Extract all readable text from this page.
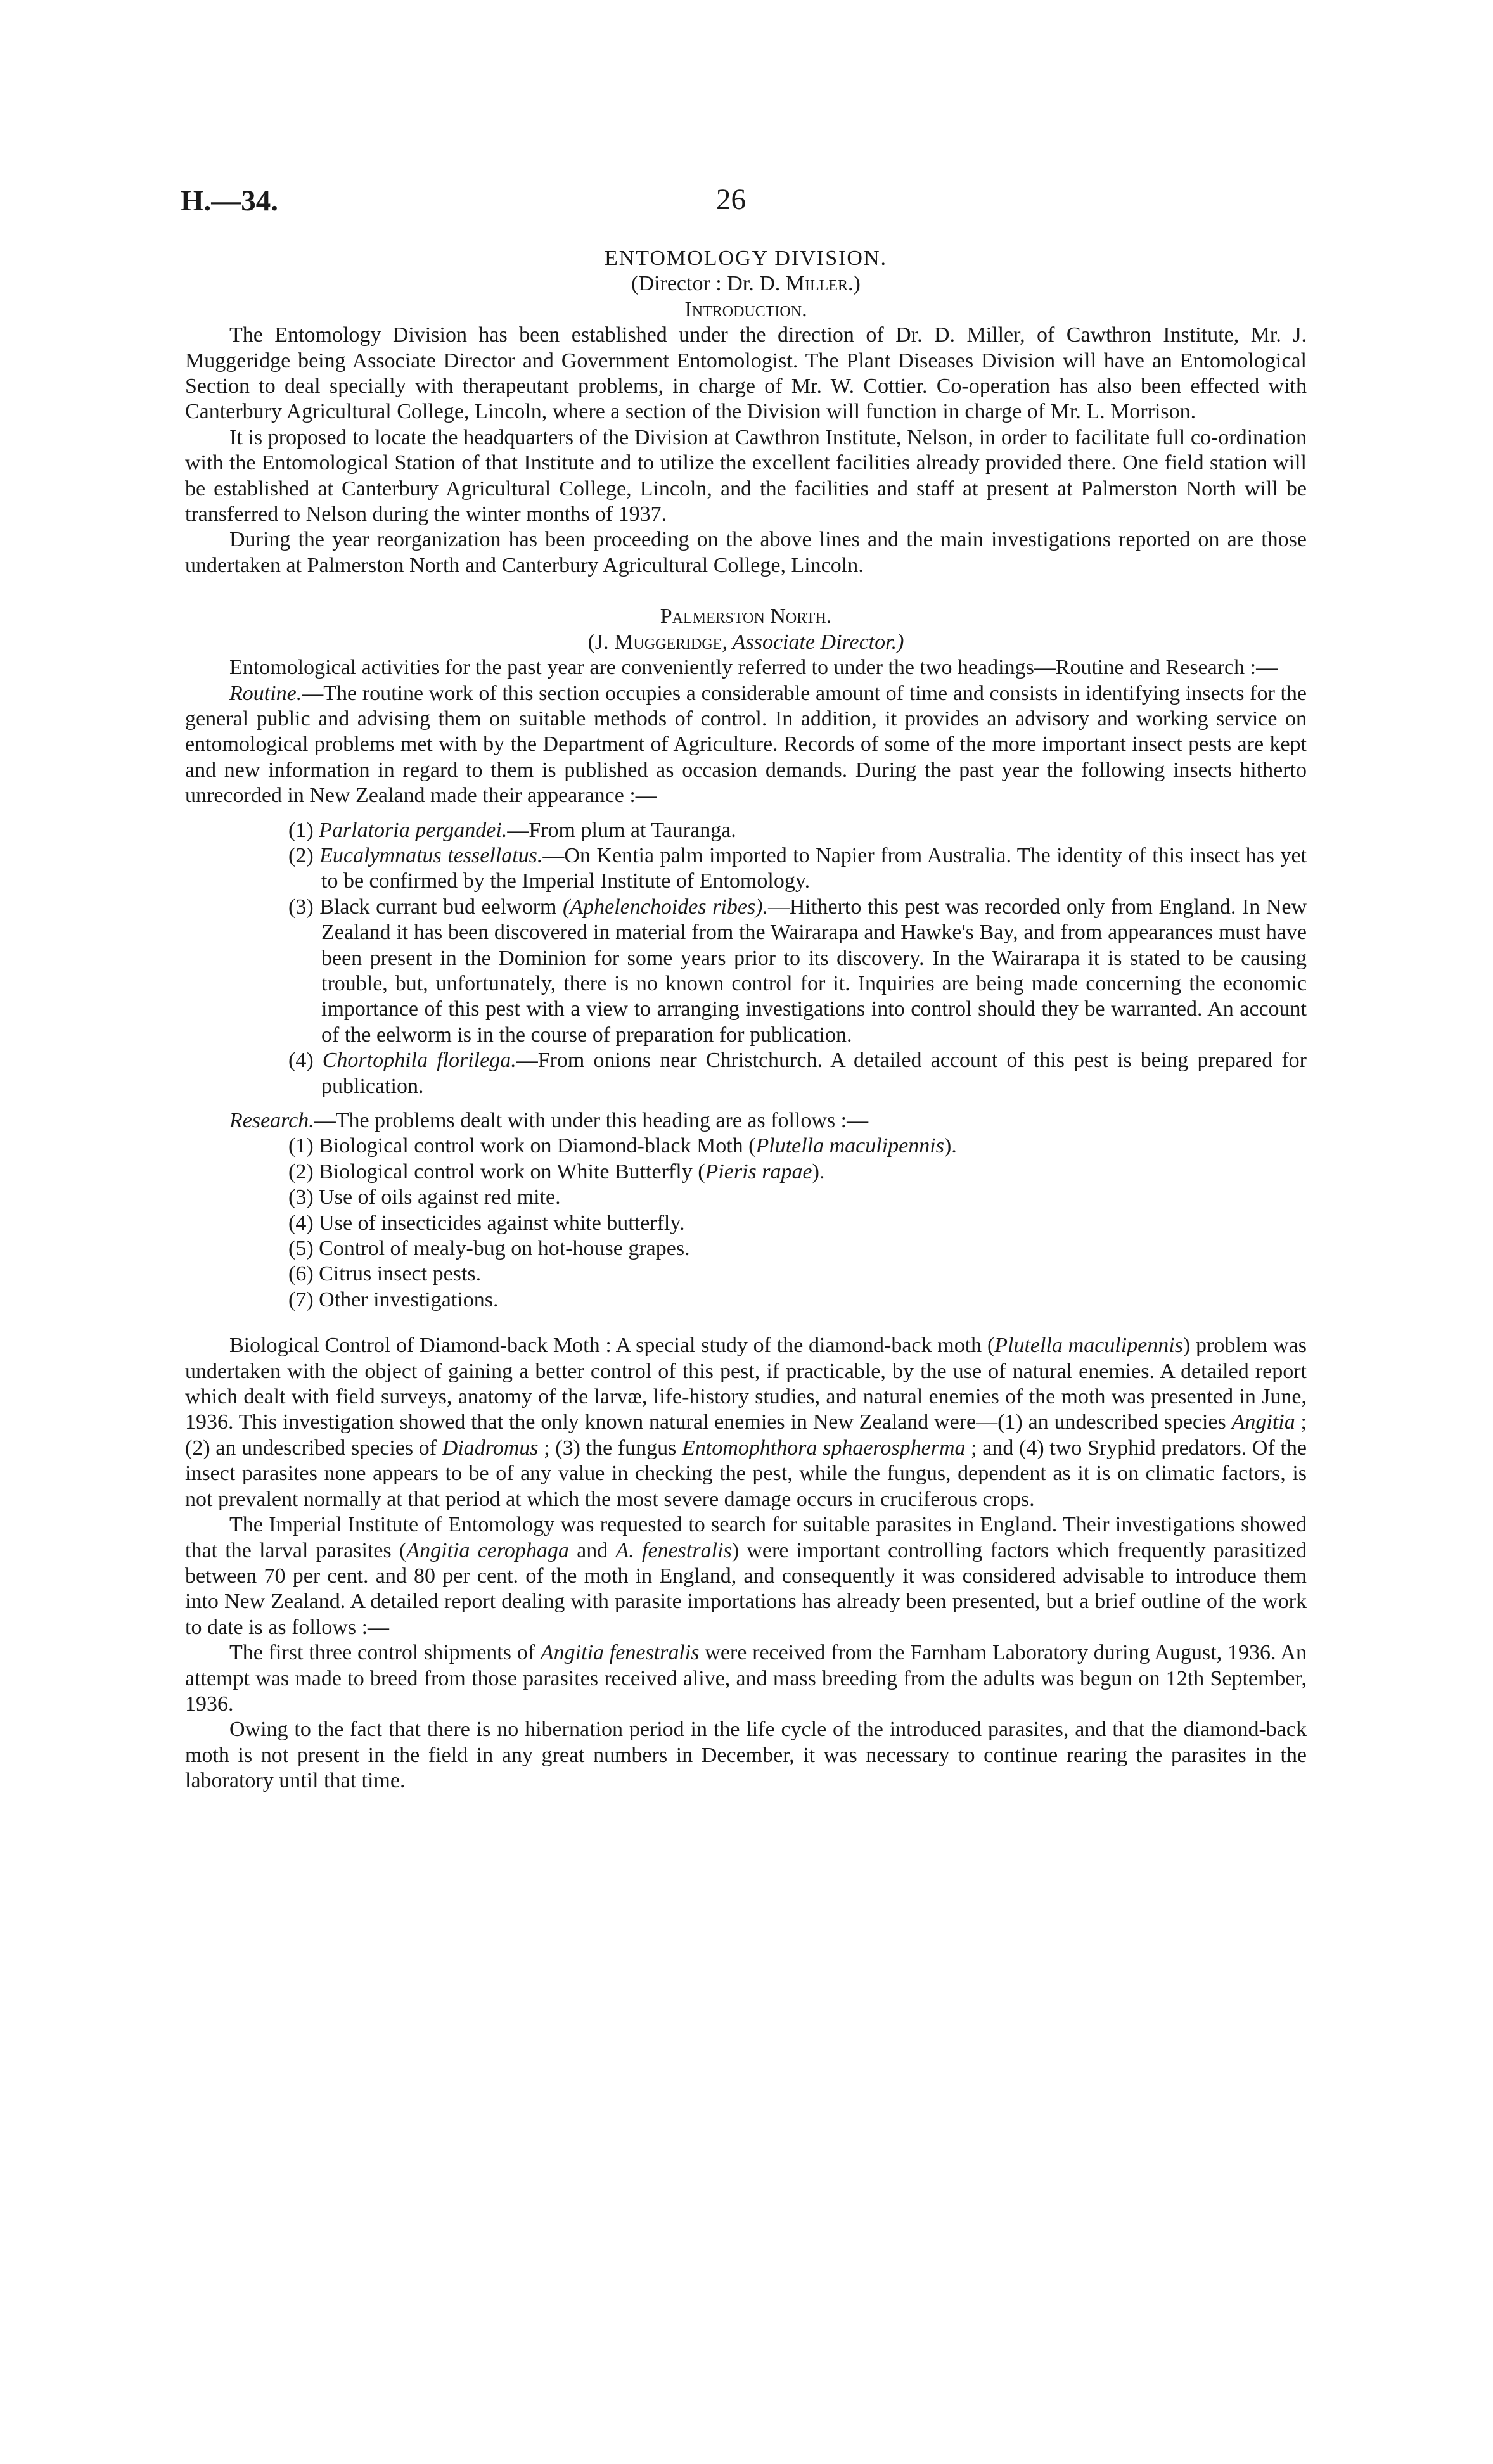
H.—34.	26

ENTOMOLOGY DIVISION.

(Director : Dr. D. Miller.)

Introduction.

The Entomology Division has been established under the direction of Dr. D. Miller, of Cawthron Institute, Mr. J. Muggeridge being Associate Director and Government Entomologist. The Plant Diseases Division will have an Entomological Section to deal specially with therapeutant problems, in charge of Mr. W. Cottier. Co-operation has also been effected with Canterbury Agricultural College, Lincoln, where a section of the Division will function in charge of Mr. L. Morrison.

It is proposed to locate the headquarters of the Division at Cawthron Institute, Nelson, in order to facilitate full co-ordination with the Entomological Station of that Institute and to utilize the excellent facilities already provided there. One field station will be established at Canterbury Agricultural College, Lincoln, and the facilities and staff at present at Palmerston North will be transferred to Nelson during the winter months of 1937.

During the year reorganization has been proceeding on the above lines and the main investigations reported on are those undertaken at Palmerston North and Canterbury Agricultural College, Lincoln.

Palmerston North.

(J. Muggeridge, Associate Director.)

Entomological activities for the past year are conveniently referred to under the two headings—Routine and Research :—

Routine.—The routine work of this section occupies a considerable amount of time and consists in identifying insects for the general public and advising them on suitable methods of control. In addition, it provides an advisory and working service on entomological problems met with by the Department of Agriculture. Records of some of the more important insect pests are kept and new information in regard to them is published as occasion demands. During the past year the following insects hitherto unrecorded in New Zealand made their appearance :—

(1) Parlatoria pergandei.—From plum at Tauranga.

(2) Eucalymnatus tessellatus.—On Kentia palm imported to Napier from Australia. The identity of this insect has yet to be confirmed by the Imperial Institute of Entomology.

(3) Black currant bud eelworm (Aphelenchoides ribes).—Hitherto this pest was recorded only from England. In New Zealand it has been discovered in material from the Wairarapa and Hawke's Bay, and from appearances must have been present in the Dominion for some years prior to its discovery. In the Wairarapa it is stated to be causing trouble, but, unfortunately, there is no known control for it. Inquiries are being made concerning the economic importance of this pest with a view to arranging investigations into control should they be warranted. An account of the eelworm is in the course of preparation for publication.

(4) Chortophila florilega.—From onions near Christchurch. A detailed account of this pest is being prepared for publication.

Research.—The problems dealt with under this heading are as follows :—

(1) Biological control work on Diamond-black Moth (Plutella maculipennis).

(2) Biological control work on White Butterfly (Pieris rapae).

(3) Use of oils against red mite.

(4) Use of insecticides against white butterfly.

(5) Control of mealy-bug on hot-house grapes.

(6) Citrus insect pests.

(7) Other investigations.

Biological Control of Diamond-back Moth : A special study of the diamond-back moth (Plutella maculipennis) problem was undertaken with the object of gaining a better control of this pest, if practicable, by the use of natural enemies. A detailed report which dealt with field surveys, anatomy of the larvæ, life-history studies, and natural enemies of the moth was presented in June, 1936. This investigation showed that the only known natural enemies in New Zealand were—(1) an undescribed species Angitia ; (2) an undescribed species of Diadromus ; (3) the fungus Entomophthora sphaerospherma ; and (4) two Sryphid predators. Of the insect parasites none appears to be of any value in checking the pest, while the fungus, dependent as it is on climatic factors, is not prevalent normally at that period at which the most severe damage occurs in cruciferous crops.

The Imperial Institute of Entomology was requested to search for suitable parasites in England. Their investigations showed that the larval parasites (Angitia cerophaga and A. fenestralis) were important controlling factors which frequently parasitized between 70 per cent. and 80 per cent. of the moth in England, and consequently it was considered advisable to introduce them into New Zealand. A detailed report dealing with parasite importations has already been presented, but a brief outline of the work to date is as follows :—

The first three control shipments of Angitia fenestralis were received from the Farnham Laboratory during August, 1936. An attempt was made to breed from those parasites received alive, and mass breeding from the adults was begun on 12th September, 1936.

Owing to the fact that there is no hibernation period in the life cycle of the introduced parasites, and that the diamond-back moth is not present in the field in any great numbers in December, it was necessary to continue rearing the parasites in the laboratory until that time.
